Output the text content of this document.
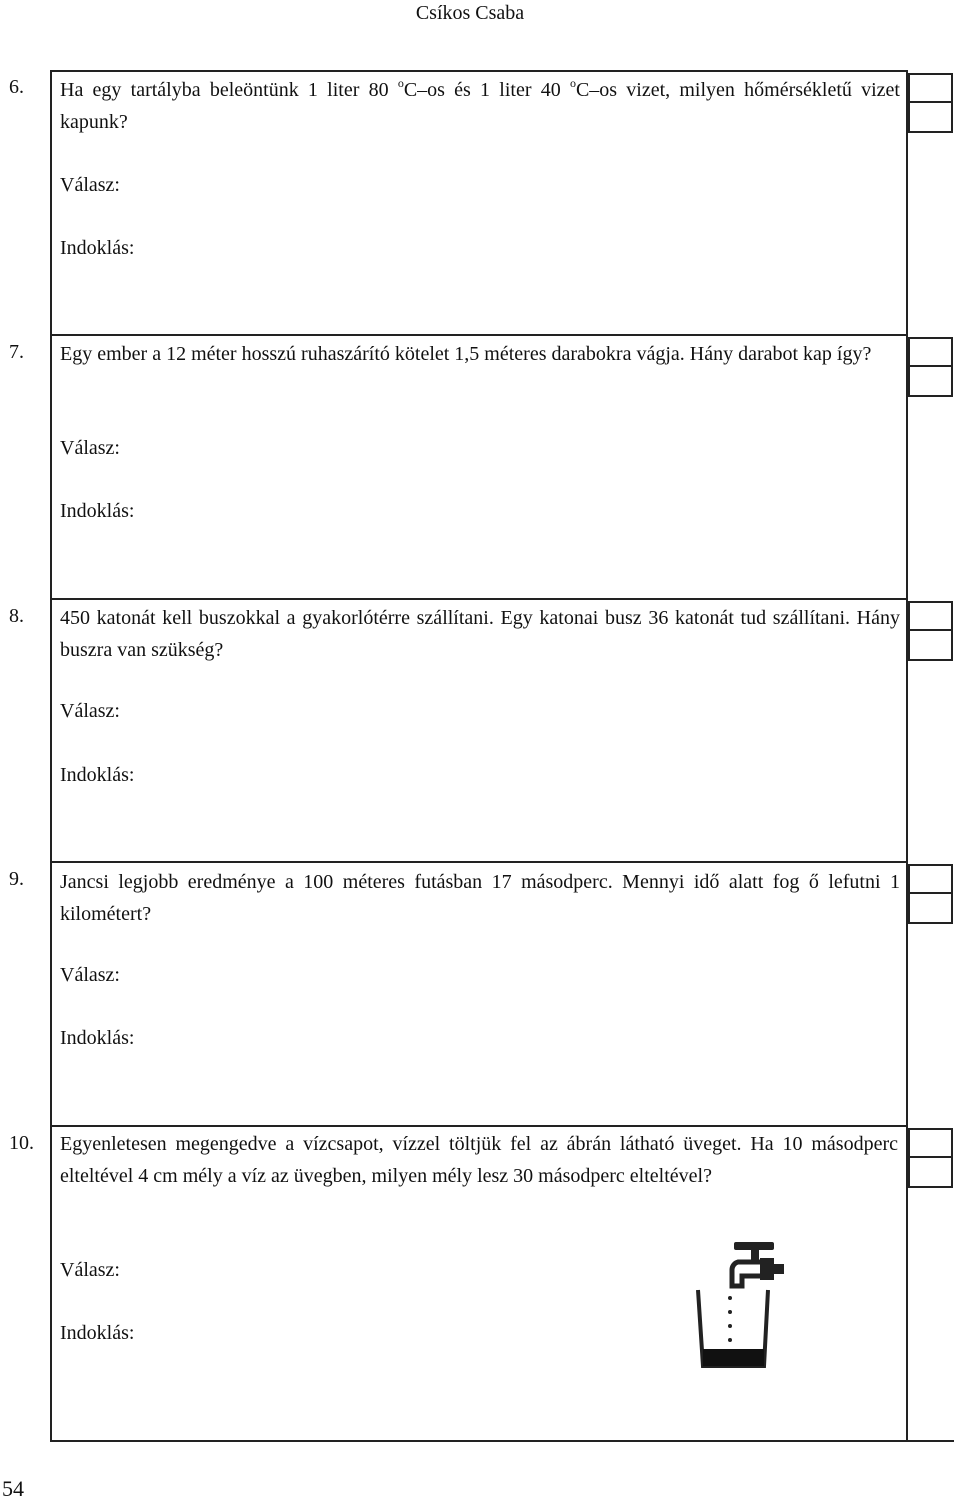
Csíkos Csaba
6. Ha egy tartályba beleöntünk 1 liter 80 $^o$C–os és 1 liter 40 $^o$C–os vizet, milyen hőmérsékletű vizet kapunk?
Válasz:
Indoklás:
7. Egy ember a 12 méter hosszú ruhaszárító kötelet 1,5 méteres darabokra vágja. Hány darabot kap így?
Válasz:
Indoklás:
8. 450 katonát kell buszokkal a gyakorlótérre szállítani. Egy katonai busz 36 katonát tud szállítani. Hány buszra van szükség?
Válasz:
Indoklás:
9. Jancsi legjobb eredménye a 100 méteres futásban 17 másodperc. Mennyi idő alatt fog ő lefutni 1 kilométert?
Válasz:
Indoklás:
10. Egyenletesen megengedve a vízcsapot, vízzel töltjük fel az ábrán látható üveget. Ha 10 másodperc elteltével 4 cm mély a víz az üvegben, milyen mély lesz 30 másodperc elteltével?
Válasz:
Indoklás:
54
